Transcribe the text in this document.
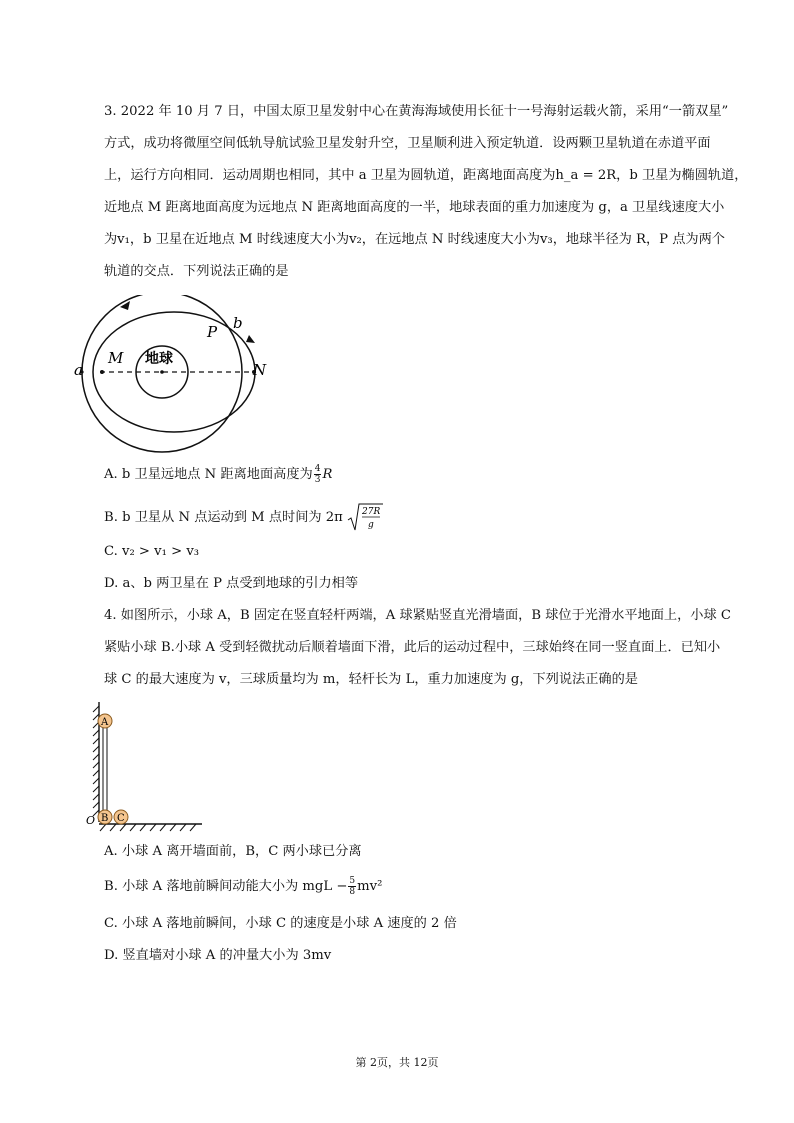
3. 2022 年 10 月 7 日，中国太原卫星发射中心在黄海海域使用长征十一号海射运载火箭，采用“一箭双星”
方式，成功将微厘空间低轨导航试验卫星发射升空，卫星顺利进入预定轨道．设两颗卫星轨道在赤道平面
上，运行方向相同．运动周期也相同，其中 a 卫星为圆轨道，距离地面高度为h_a = 2R，b 卫星为椭圆轨道，
近地点 M 距离地面高度为远地点 N 距离地面高度的一半，地球表面的重力加速度为 g，a 卫星线速度大小
为v₁，b 卫星在近地点 M 时线速度大小为v₂，在远地点 N 时线速度大小为v₃，地球半径为 R，P 点为两个
轨道的交点．下列说法正确的是
地球
a
M
N
P b
A. b 卫星远地点 N 距离地面高度为 $\frac{4}{3}$ R
B. b 卫星从 N 点运动到 M 点时间为 2π 27R
g
C. v₂ > v₁ > v₃
D. a、b 两卫星在 P 点受到地球的引力相等
4. 如图所示，小球 A，B 固定在竖直轻杆两端，A 球紧贴竖直光滑墙面，B 球位于光滑水平地面上，小球 C
紧贴小球 B.小球 A 受到轻微扰动后顺着墙面下滑，此后的运动过程中，三球始终在同一竖直面上．已知小
球 C 的最大速度为 v，三球质量均为 m，轻杆长为 L，重力加速度为 g，下列说法正确的是
A
B C
O
A. 小球 A 离开墙面前，B，C 两小球已分离
B. 小球 A 落地前瞬间动能大小为 mgL − $\frac{5}{8} mv^2$
C. 小球 A 落地前瞬间，小球 C 的速度是小球 A 速度的 2 倍
D. 竖直墙对小球 A 的冲量大小为 3mv
第 2页，共 12页
